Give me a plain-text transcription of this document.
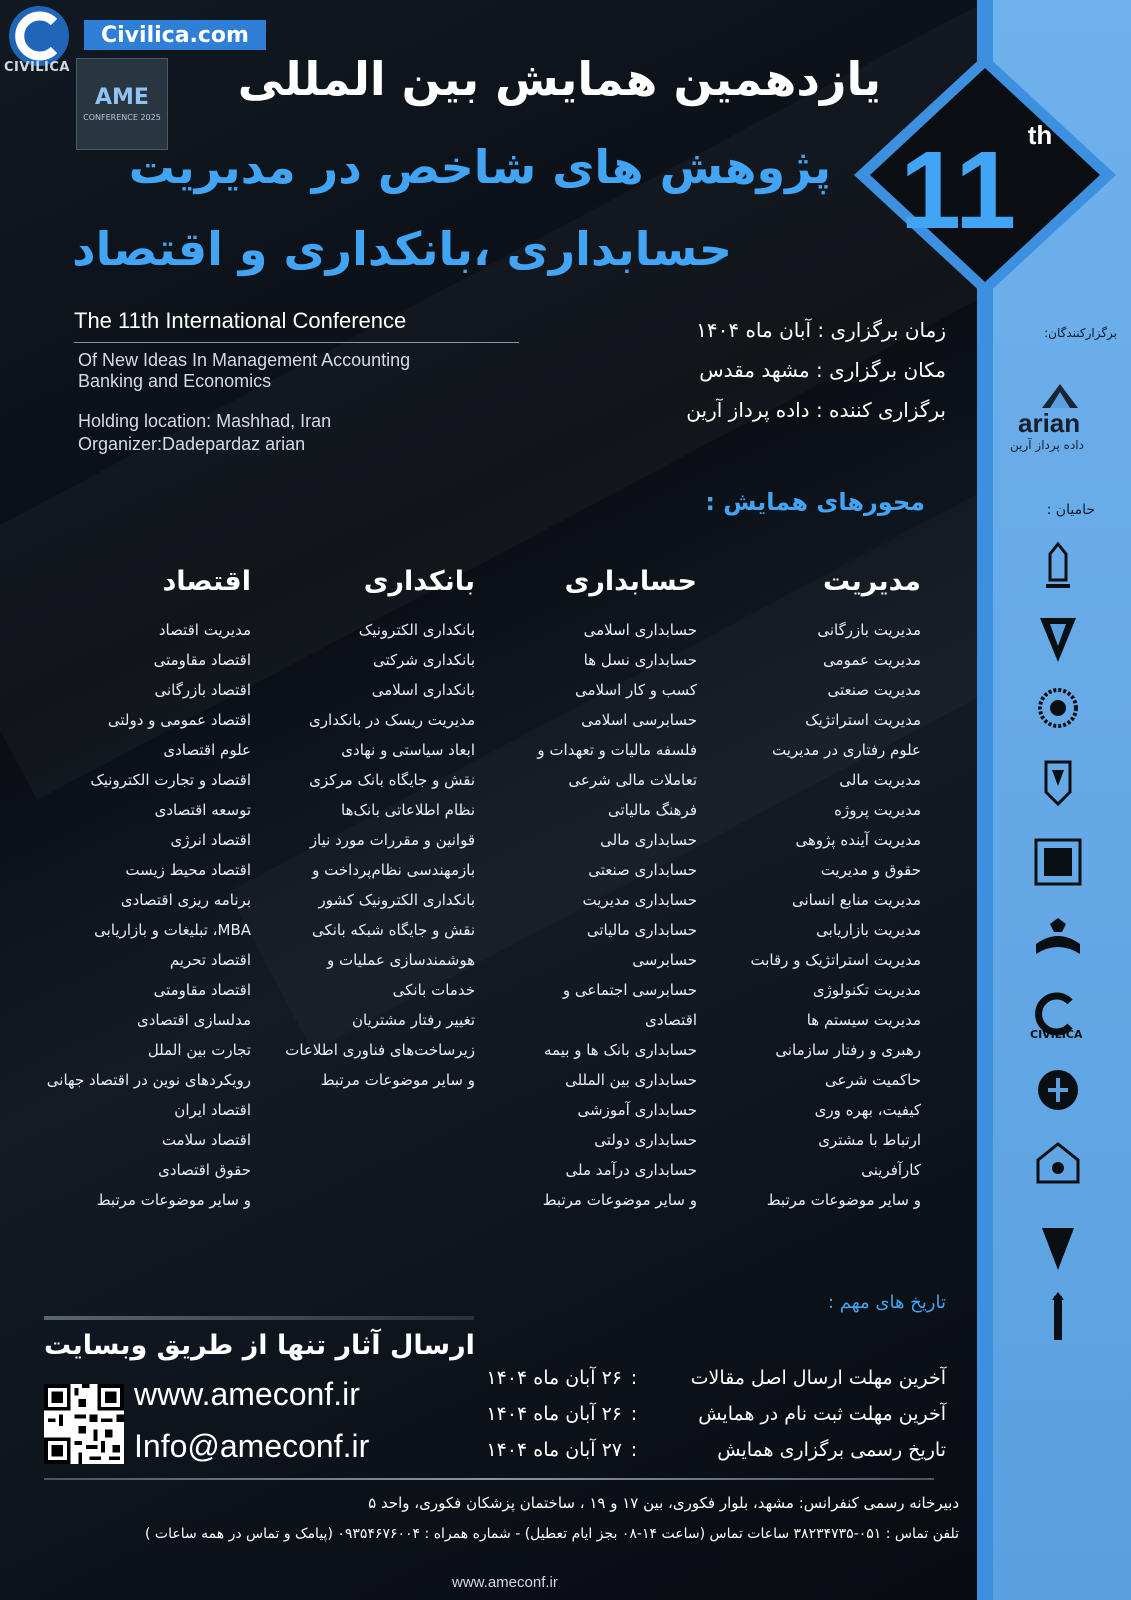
برگزارکنندگان:
arian
داده پرداز آرین
حامیان :
CIVILICA
CIVILICA
Civilica.com
AME
CONFERENCE 2025
یازدهمین همایش بین المللی
پژوهش های شاخص در مدیریت
حسابداری ،بانکداری و اقتصاد 11 th
The 11th International Conference
Of New Ideas In Management Accounting
Banking and Economics
Holding location: Mashhad, Iran
Organizer:Dadepardaz arian
زمان برگزاری : آبان ماه ۱۴۰۴
مکان برگزاری : مشهد مقدس
برگزاری کننده : داده پرداز آرین
محورهای همایش :
مدیریت
مدیریت بازرگانی
مدیریت عمومی
مدیریت صنعتی
مدیریت استراتژیک
علوم رفتاری در مدیریت
مدیریت مالی
مدیریت پروژه
مدیریت آینده پژوهی
حقوق و مدیریت
مدیریت منابع انسانی
مدیریت بازاریابی
مدیریت استراتژیک و رقابت
مدیریت تکنولوژی
مدیریت سیستم ها
رهبری و رفتار سازمانی
حاکمیت شرعی
کیفیت، بهره وری
ارتباط با مشتری
کارآفرینی
و سایر موضوعات مرتبط
حسابداری
حسابداری اسلامی
حسابداری نسل ها
کسب و کار اسلامی
حسابرسی اسلامی
فلسفه مالیات و تعهدات و
تعاملات مالی شرعی
فرهنگ مالیاتی
حسابداری مالی
حسابداری صنعتی
حسابداری مدیریت
حسابداری مالیاتی
حسابرسی
حسابرسی اجتماعی و
اقتصادی
حسابداری بانک ها و بیمه
حسابداری بین المللی
حسابداری آموزشی
حسابداری دولتی
حسابداری درآمد ملی
و سایر موضوعات مرتبط
بانکداری
بانکداری الکترونیک
بانکداری شرکتی
بانکداری اسلامی
مدیریت ریسک در بانکداری
ابعاد سیاستی و نهادی
نقش و جایگاه بانک مرکزی
نظام اطلاعاتی بانک‌ها
قوانین و مقررات مورد نیاز
بازمهندسی نظام‌پرداخت و
بانکداری الکترونیک کشور
نقش و جایگاه شبکه بانکی
هوشمندسازی عملیات و
خدمات بانکی
تغییر رفتار مشتریان
زیرساخت‌های فناوری اطلاعات
و سایر موضوعات مرتبط
اقتصاد
مدیریت اقتصاد
اقتصاد مقاومتی
اقتصاد بازرگانی
اقتصاد عمومی و دولتی
علوم اقتصادی
اقتصاد و تجارت الکترونیک
توسعه اقتصادی
اقتصاد انرژی
اقتصاد محیط زیست
برنامه ریزی اقتصادی
MBA، تبلیغات و بازاریابی
اقتصاد تحریم
اقتصاد مقاومتی
مدلسازی اقتصادی
تجارت بین الملل
رویکردهای نوین در اقتصاد جهانی
اقتصاد ایران
اقتصاد سلامت
حقوق اقتصادی
و سایر موضوعات مرتبط
تاریخ های مهم :
آخرین مهلت ارسال اصل مقالات
:
۲۶ آبان ماه ۱۴۰۴
آخرین مهلت ثبت نام در همایش
:
۲۶ آبان ماه ۱۴۰۴
تاریخ رسمی برگزاری همایش
:
۲۷ آبان ماه ۱۴۰۴
ارسال آثار تنها از طریق وبسایت
www.ameconf.ir
Info@ameconf.ir
دبیرخانه رسمی کنفرانس: مشهد، بلوار فکوری، بین ۱۷ و ۱۹ ، ساختمان پزشکان فکوری، واحد ۵
تلفن تماس : ۰۵۱-۳۸۲۳۴۷۳۵ ساعات تماس (ساعت ۱۴-۰۸ بجز ایام تعطیل) - شماره همراه : ۰۹۳۵۴۶۷۶۰۰۴ (پیامک و تماس در همه ساعات )
www.ameconf.ir
